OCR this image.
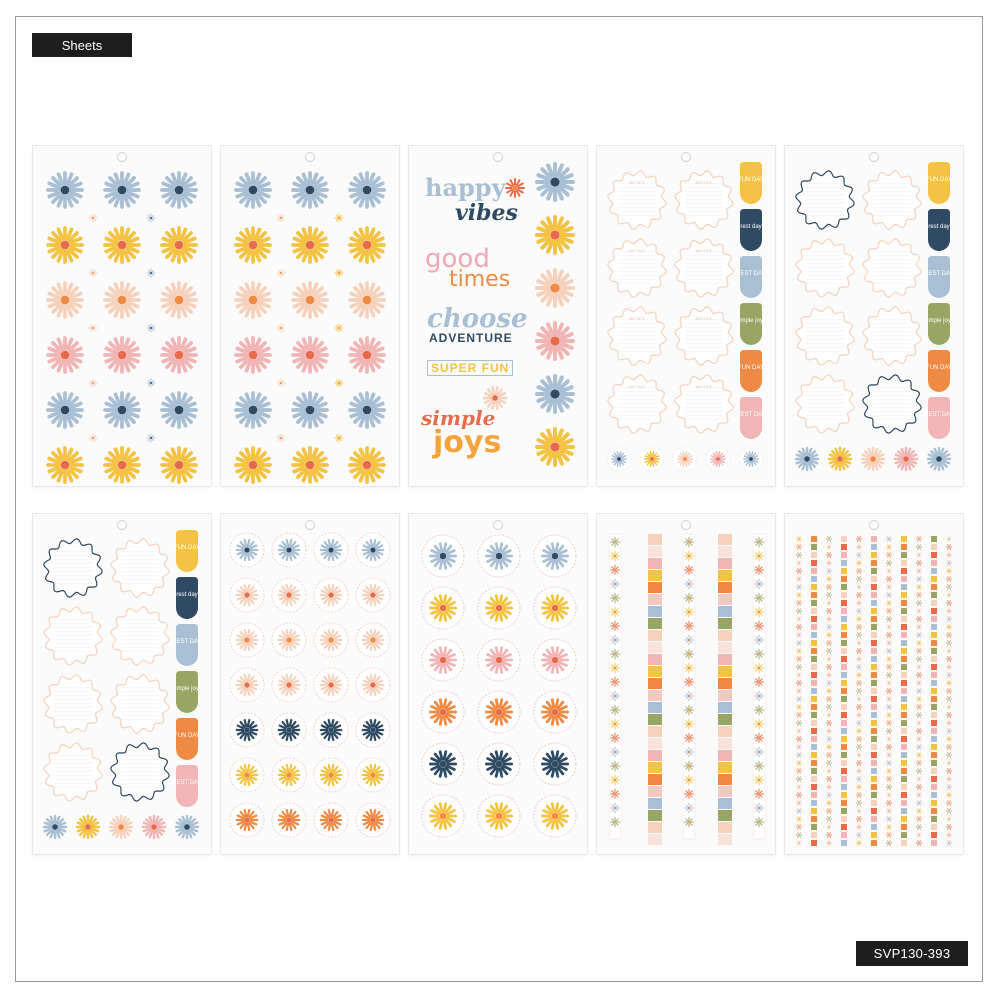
Sheets
SVP130-393
happy
vibes
good
times
choose
ADVENTURE
SUPER FUN
simple
joys
NOTES	NOTES
NOTES	NOTES
NOTES	NOTES
NOTES	NOTES
FUN DAY
rest day
BEST DAY
simple joys
FUN DAY
BEST DAY
FUN DAY
rest day
BEST DAY
simple joys
FUN DAY
BEST DAY
FUN DAY
rest day
BEST DAY
simple joys
FUN DAY
BEST DAY
